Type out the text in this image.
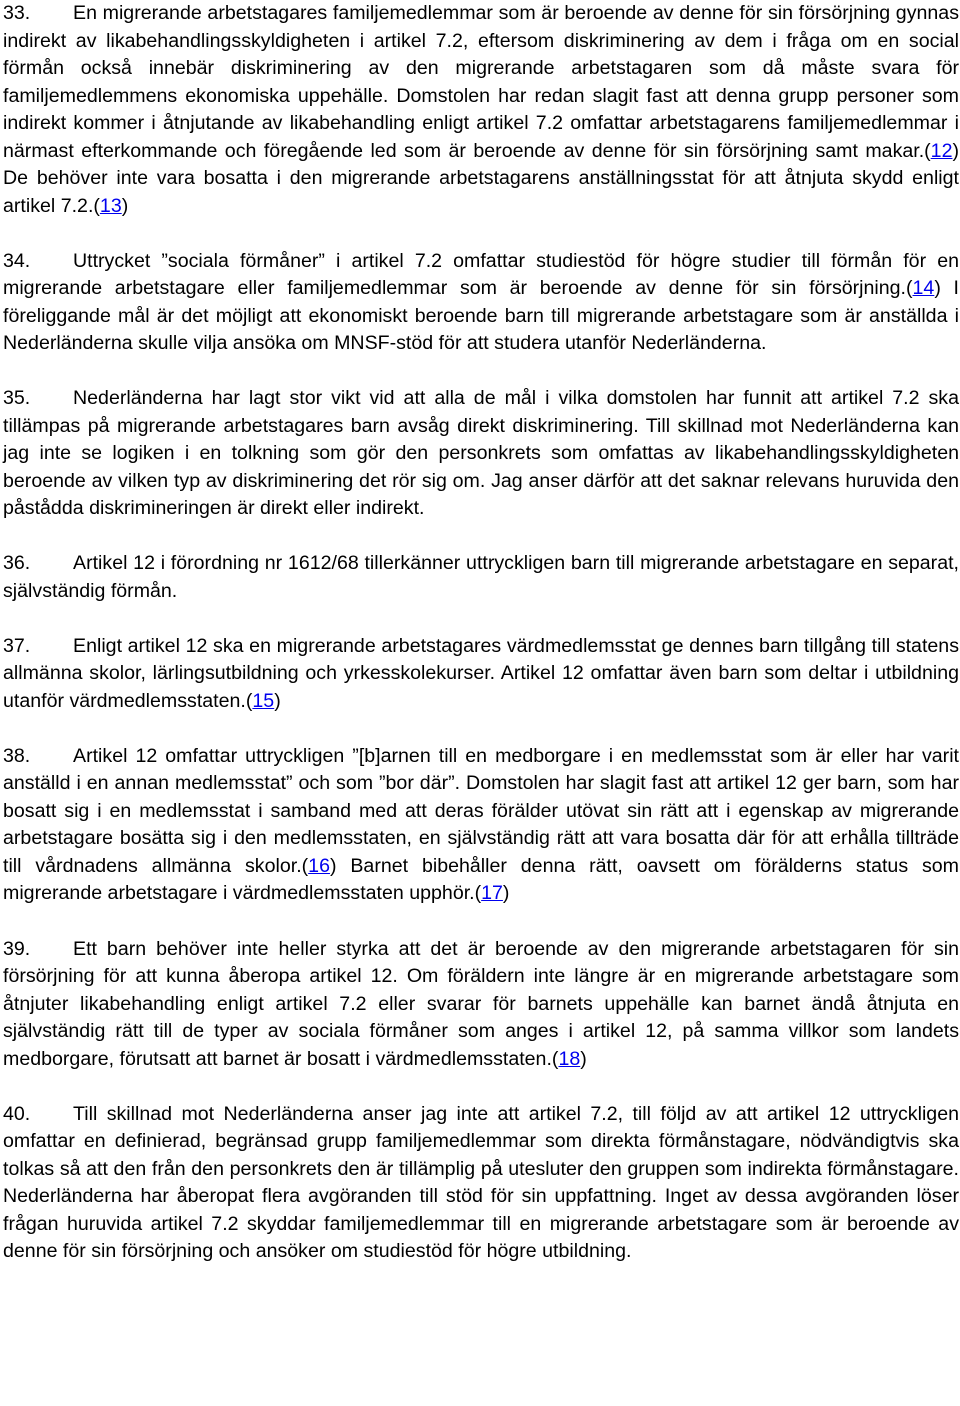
33. En migrerande arbetstagares familjemedlemmar som är beroende av denne för sin försörjning gynnas indirekt av likabehandlingsskyldigheten i artikel 7.2, eftersom diskriminering av dem i fråga om en social förmån också innebär diskriminering av den migrerande arbetstagaren som då måste svara för familjemedlemmens ekonomiska uppehälle. Domstolen har redan slagit fast att denna grupp personer som indirekt kommer i åtnjutande av likabehandling enligt artikel 7.2 omfattar arbetstagarens familjemedlemmar i närmast efterkommande och föregående led som är beroende av denne för sin försörjning samt makar.(12) De behöver inte vara bosatta i den migrerande arbetstagarens anställningsstat för att åtnjuta skydd enligt artikel 7.2.(13)

34. Uttrycket ”sociala förmåner” i artikel 7.2 omfattar studiestöd för högre studier till förmån för en migrerande arbetstagare eller familjemedlemmar som är beroende av denne för sin försörjning.(14) I föreliggande mål är det möjligt att ekonomiskt beroende barn till migrerande arbetstagare som är anställda i Nederländerna skulle vilja ansöka om MNSF-stöd för att studera utanför Nederländerna.

35. Nederländerna har lagt stor vikt vid att alla de mål i vilka domstolen har funnit att artikel 7.2 ska tillämpas på migrerande arbetstagares barn avsåg direkt diskriminering. Till skillnad mot Nederländerna kan jag inte se logiken i en tolkning som gör den personkrets som omfattas av likabehandlingsskyldigheten beroende av vilken typ av diskriminering det rör sig om. Jag anser därför att det saknar relevans huruvida den påstådda diskrimineringen är direkt eller indirekt.

36. Artikel 12 i förordning nr 1612/68 tillerkänner uttryckligen barn till migrerande arbetstagare en separat, självständig förmån.

37. Enligt artikel 12 ska en migrerande arbetstagares värdmedlemsstat ge dennes barn tillgång till statens allmänna skolor, lärlingsutbildning och yrkesskolekurser. Artikel 12 omfattar även barn som deltar i utbildning utanför värdmedlemsstaten.(15)

38. Artikel 12 omfattar uttryckligen ”[b]arnen till en medborgare i en medlemsstat som är eller har varit anställd i en annan medlemsstat” och som ”bor där”. Domstolen har slagit fast att artikel 12 ger barn, som har bosatt sig i en medlemsstat i samband med att deras förälder utövat sin rätt att i egenskap av migrerande arbetstagare bosätta sig i den medlemsstaten, en självständig rätt att vara bosatta där för att erhålla tillträde till vårdnadens allmänna skolor.(16) Barnet bibehåller denna rätt, oavsett om förälderns status som migrerande arbetstagare i värdmedlemsstaten upphör.(17)

39. Ett barn behöver inte heller styrka att det är beroende av den migrerande arbetstagaren för sin försörjning för att kunna åberopa artikel 12. Om föräldern inte längre är en migrerande arbetstagare som åtnjuter likabehandling enligt artikel 7.2 eller svarar för barnets uppehälle kan barnet ändå åtnjuta en självständig rätt till de typer av sociala förmåner som anges i artikel 12, på samma villkor som landets medborgare, förutsatt att barnet är bosatt i värdmedlemsstaten.(18)

40. Till skillnad mot Nederländerna anser jag inte att artikel 7.2, till följd av att artikel 12 uttryckligen omfattar en definierad, begränsad grupp familjemedlemmar som direkta förmånstagare, nödvändigtvis ska tolkas så att den från den personkrets den är tillämplig på utesluter den gruppen som indirekta förmånstagare. Nederländerna har åberopat flera avgöranden till stöd för sin uppfattning. Inget av dessa avgöranden löser frågan huruvida artikel 7.2 skyddar familjemedlemmar till en migrerande arbetstagare som är beroende av denne för sin försörjning och ansöker om studiestöd för högre utbildning.
